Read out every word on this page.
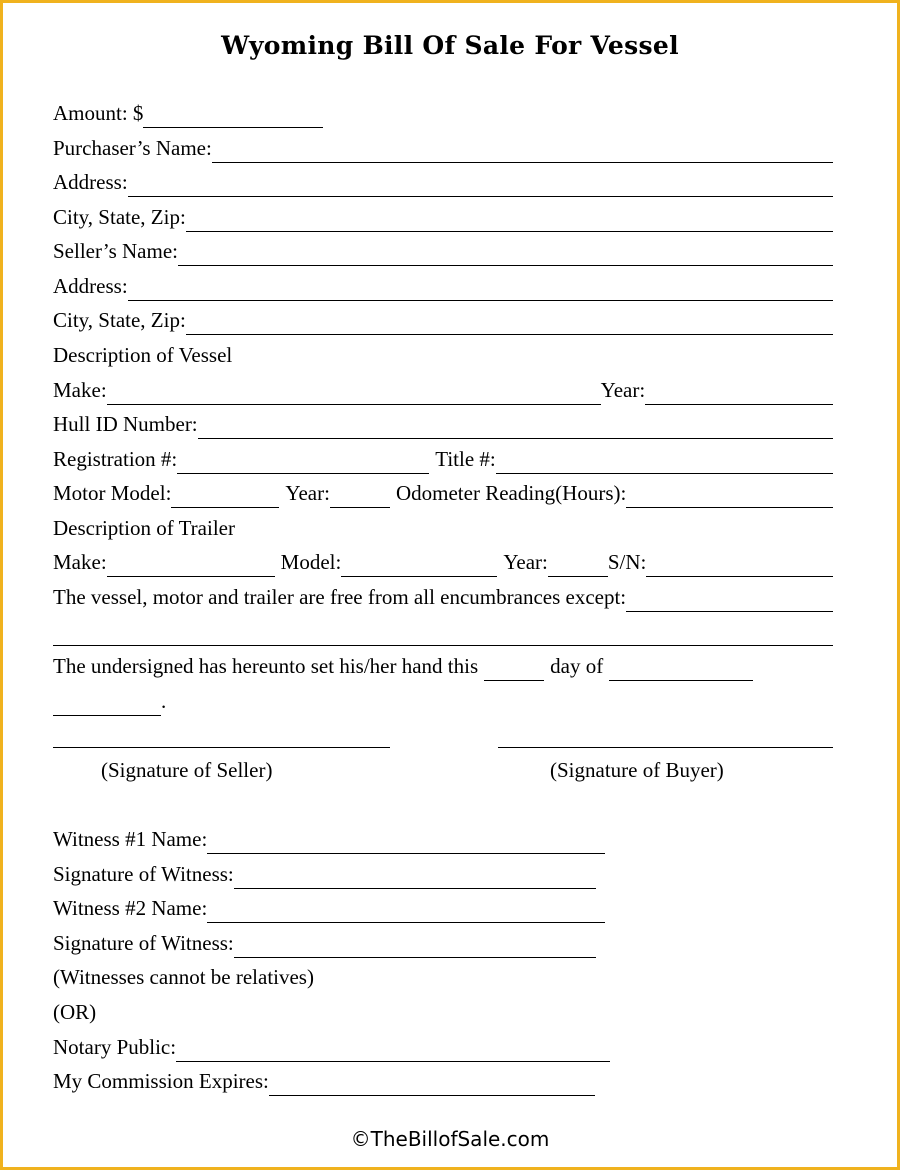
Wyoming Bill Of Sale For Vessel
Amount: $
Purchaser’s Name:
Address:
City, State, Zip:
Seller’s Name:
Address:
City, State, Zip:
Description of Vessel
Make:	Year:
Hull ID Number:
Registration #:	Title #:
Motor Model:	Year:	Odometer Reading(Hours):
Description of Trailer
Make:	Model:	Year:	S/N:
The vessel, motor and trailer are free from all encumbrances except:
The undersigned has hereunto set his/her hand this	day of
.
(Signature of Seller)	(Signature of Buyer)
Witness #1 Name:
Signature of Witness:
Witness #2 Name:
Signature of Witness:
(Witnesses cannot be relatives)
(OR)
Notary Public:
My Commission Expires:
©TheBillofSale.com
